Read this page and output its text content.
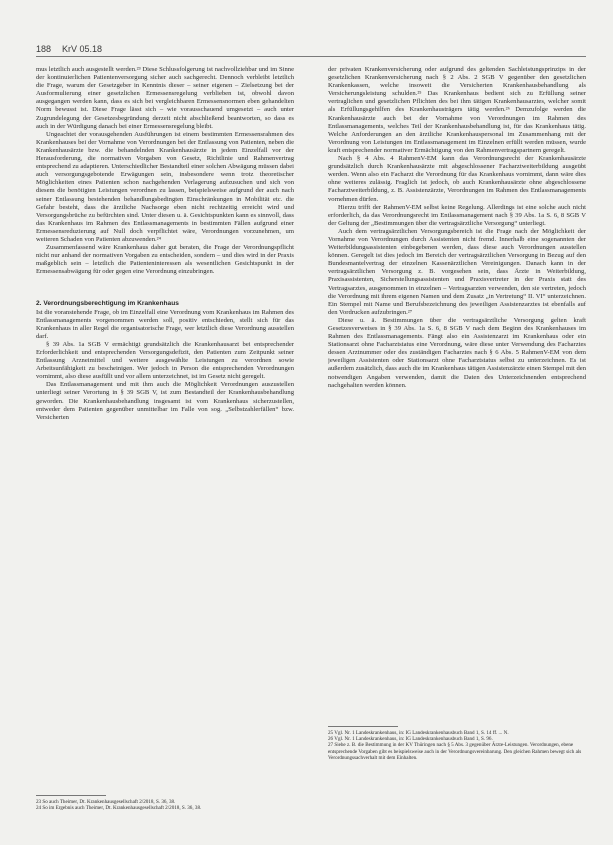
188 KrV 05.18

mus letztlich auch ausgestellt werden.²³ Diese Schlussfolgerung ist nachvollziehbar und im Sinne der kontinuierlichen Patientenversorgung sicher auch sachgerecht. Dennoch verbleibt letztlich die Frage, warum der Gesetzgeber in Kenntnis dieser – seiner eigenen – Zielsetzung bei der Ausformulierung einer gesetzlichen Ermessensregelung verblieben ist, obwohl davon ausgegangen werden kann, dass es sich bei vergleichbaren Ermessensnormen eben gehandelten Norm bewusst ist. Diese Frage lässt sich – wie vorausschauend umgesetzt – auch unter Zugrundelegung der Gesetzesbegründung derzeit nicht abschließend beantworten, so dass es auch in der Würdigung danach bei einer Ermessensregelung bleibt.

Ungeachtet der vorausgehenden Ausführungen ist einem bestimmten Ermessensrahmen des Krankenhauses bei der Vornahme von Verordnungen bei der Entlassung von Patienten, neben die Krankenhausärzte bzw. die behandelnden Krankenhausärzte in jedem Einzelfall vor der Herausforderung, die normativen Vorgaben von Gesetz, Richtlinie und Rahmenvertrag entsprechend zu adaptieren. Unterschiedlicher Bestandteil einer solchen Abwägung müssen dabei auch versorgungsgebotende Erwägungen sein, insbesondere wenn trotz theoretischer Möglichkeiten eines Patienten schon nachgehenden Verlagerung aufzusuchen und sich von diesem die benötigten Leistungen verordnen zu lassen, beispielsweise aufgrund der auch nach seiner Entlassung bestehenden behandlungsbedingten Einschränkungen in Mobilität etc. die Gefahr besteht, dass die ärztliche Nachsorge eben nicht rechtzeitig erreicht wird und Versorgungsbrüche zu befürchten sind. Unter diesen u. ä. Gesichtspunkten kann es sinnvoll, dass das Krankenhaus im Rahmen des Entlassmanagements in bestimmten Fällen aufgrund einer Ermessensreduzierung auf Null doch verpflichtet wäre, Verordnungen vorzunehmen, um weiteren Schaden von Patienten abzuwenden.²⁴

Zusammenfassend wäre Krankenhaus daher gut beraten, die Frage der Verordnungspflicht nicht nur anhand der normativen Vorgaben zu entscheiden, sondern – und dies wird in der Praxis maßgeblich sein – letztlich die Patienteninteressen als wesentlichen Gesichtspunkt in der Ermessensabwägung für oder gegen eine Verordnung einzubringen.

2. Verordnungsberechtigung im Krankenhaus

Ist die voranstehende Frage, ob im Einzelfall eine Verordnung vom Krankenhaus im Rahmen des Entlassmanagements vorgenommen werden soll, positiv entschieden, stellt sich für das Krankenhaus in aller Regel die organisatorische Frage, wer letztlich diese Verordnung ausstellen darf.

§ 39 Abs. 1a SGB V ermächtigt grundsätzlich die Krankenhausarzt bei entsprechender Erforderlichkeit und entsprechenden Versorgungsdefizit, den Patienten zum Zeitpunkt seiner Entlassung Arzneimittel und weitere ausgewählte Leistungen zu verordnen sowie Arbeitsunfähigkeit zu bescheinigen. Wer jedoch in Person die entsprechenden Verordnungen vornimmt, also diese ausfüllt und vor allem unterzeichnet, ist im Gesetz nicht geregelt.

Das Entlassmanagement und mit ihm auch die Möglichkeit Verordnungen auszustellen unterliegt seiner Verortung in § 39 SGB V, ist zum Bestandteil der Krankenhausbehandlung geworden. Die Krankenhausbehandlung insgesamt ist vom Krankenhaus sicherzustellen, entweder dem Patienten gegenüber unmittelbar im Falle von sog. „Selbstzahlerfällen“ bzw. Versicherten

23 So auch Theimer, Dt. Krankenhausgesellschaft 2/2018, S. 36, 38.

24 So im Ergebnis auch Theimer, Dt. Krankenhausgesellschaft 2/2018, S. 36, 38.

der privaten Krankenversicherung oder aufgrund des geltenden Sachleistungsprinzips in der gesetzlichen Krankenversicherung nach § 2 Abs. 2 SGB V gegenüber den gesetzlichen Krankenkassen, welche insoweit die Versicherten Krankenhausbehandlung als Versicherungsleistung schulden.²⁵ Das Krankenhaus bedient sich zu Erfüllung seiner vertraglichen und gesetzlichen Pflichten des bei ihm tätigen Krankenhausarztes, welcher somit als Erfüllungsgehilfen des Krankenhausträgers tätig werden.²⁶ Demzufolge werden die Krankenhausärzte auch bei der Vornahme von Verordnungen im Rahmen des Entlassmanagements, welches Teil der Krankenhausbehandlung ist, für das Krankenhaus tätig. Welche Anforderungen an den ärztliche Krankenhauspersonal im Zusammenhang mit der Verordnung von Leistungen im Entlassmanagement im Einzelnen erfüllt werden müssen, wurde kraft entsprechender normativer Ermächtigung von den Rahmenvertragspartnern geregelt.

Nach § 4 Abs. 4 RahmenV-EM kann das Verordnungsrecht der Krankenhausärzte grundsätzlich durch Krankenhausärzte mit abgeschlossener Facharztweiterbildung ausgeübt werden. Wenn also ein Facharzt die Verordnung für das Krankenhaus vornimmt, dann wäre dies ohne weiteres zulässig. Fraglich ist jedoch, ob auch Krankenhausärzte ohne abgeschlossene Facharztweiterbildung, z. B. Assistenzärzte, Verordnungen im Rahmen des Entlassmanagements vornehmen dürfen.

Hierzu trifft der RahmenV-EM selbst keine Regelung. Allerdings ist eine solche auch nicht erforderlich, da das Verordnungsrecht im Entlassmanagement nach § 39 Abs. 1a S. 6, 8 SGB V der Geltung der „Bestimmungen über die vertragsärztliche Versorgung“ unterliegt.

Auch dem vertragsärztlichen Versorgungsbereich ist die Frage nach der Möglichkeit der Vornahme von Verordnungen durch Assistenten nicht fremd. Innerhalb eine sogenannten der Weiterbildungsassistenten einbegebenen werden, dass diese auch Verordnungen ausstellen können. Geregelt ist dies jedoch im Bereich der vertragsärztlichen Versorgung in Bezug auf den Bundesmantelvertrag der einzelnen Kassenärztlichen Vereinigungen. Danach kann in der vertragsärztlichen Versorgung z. B. vorgesehen sein, dass Ärzte in Weiterbildung, Praxisassistenten, Sicherstellungsassistenten und Praxisvertreter in der Praxis statt des Vertragsarztes, ausgenommen in einzelnen – Vertragsarzten verwenden, den sie vertreten, jedoch die Verordnung mit ihrem eigenen Namen und dem Zusatz „in Vertretung“ II. VI“ unterzeichnen. Ein Stempel mit Name und Berufsbezeichnung des jeweiligen Assistenzarztes ist ebenfalls auf den Vordrucken aufzubringen.²⁷

Diese u. ä. Bestimmungen über die vertragsärztliche Versorgung gelten kraft Gesetzesverweises in § 39 Abs. 1a S. 6, 8 SGB V nach dem Beginn des Krankenhauses im Rahmen des Entlassmanagements. Fängt also ein Assistenzarzt im Krankenhaus oder ein Stationsarzt ohne Facharztstatus eine Verordnung, wäre diese unter Verwendung des Facharztes dessen Arztnummer oder des zuständigen Facharztes nach § 6 Abs. 5 RahmenV-EM von dem jeweiligen Assistenten oder Stationsarzt ohne Facharztstatus selbst zu unterzeichnen. Es ist außerdem zusätzlich, dass auch die im Krankenhaus tätigen Assistenzärzte einen Stempel mit den notwendigen Angaben verwenden, damit die Daten des Unterzeichnenden entsprechend nachgehalten werden können.

25 Vgl. Nr. 1 Landeskrankenhaus, in: IG Landeskrankenhausbuch Band 1, S. 14 ff. ... N.

26 Vgl. Nr. 1 Landeskrankenhaus, in: IG Landeskrankenhausbuch Band 1, S. 96.

27 Siehe z. B. die Bestimmung in der KV Thüringen nach § 5 Abs. 3 gegenüber Ärzte-Leistungen. Verordnungen, ebene entsprechende Vorgaben gibt es beispielsweise auch in der Verordnungsvereinbarung. Den gleichen Rahmen bewegt sich als Verordnungssachverhalt mit dem Einhalten.
